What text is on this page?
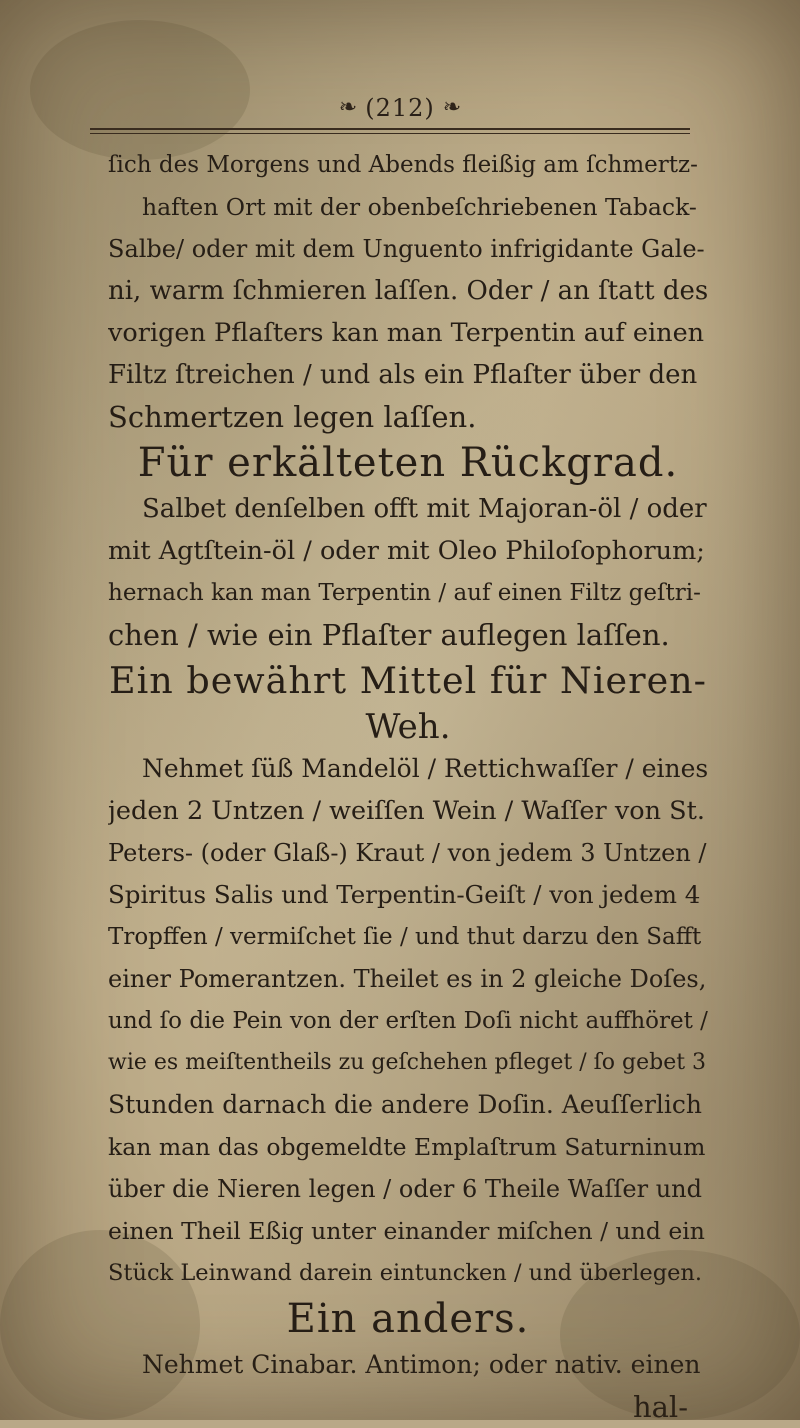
❧ (212) ❧
ſich des Morgens und Abends fleißig am ſchmertz-
haften Ort mit der obenbeſchriebenen Taback-
Salbe/ oder mit dem Unguento infrigidante Gale-
ni, warm ſchmieren laſſen. Oder / an ſtatt des
vorigen Pflaſters kan man Terpentin auf einen
Filtz ſtreichen / und als ein Pflaſter über den
Schmertzen legen laſſen.
Für erkälteten Rückgrad.
Salbet denſelben offt mit Majoran-öl / oder
mit Agtſtein-öl / oder mit Oleo Philoſophorum;
hernach kan man Terpentin / auf einen Filtz geſtri-
chen / wie ein Pflaſter auflegen laſſen.
Ein bewährt Mittel für Nieren-
Weh.
Nehmet ſüß Mandelöl / Rettichwaſſer / eines
jeden 2 Untzen / weiſſen Wein / Waſſer von St.
Peters- (oder Glaß-) Kraut / von jedem 3 Untzen /
Spiritus Salis und Terpentin-Geiſt / von jedem 4
Tropffen / vermiſchet ſie / und thut darzu den Safft
einer Pomerantzen. Theilet es in 2 gleiche Doſes,
und ſo die Pein von der erſten Doſi nicht auffhöret /
wie es meiſtentheils zu geſchehen pfleget / ſo gebet 3
Stunden darnach die andere Doſin. Aeuſſerlich
kan man das obgemeldte Emplaſtrum Saturninum
über die Nieren legen / oder 6 Theile Waſſer und
einen Theil Eßig unter einander miſchen / und ein
Stück Leinwand darein eintuncken / und überlegen.
Ein anders.
Nehmet Cinabar. Antimon; oder nativ. einen
hal-
